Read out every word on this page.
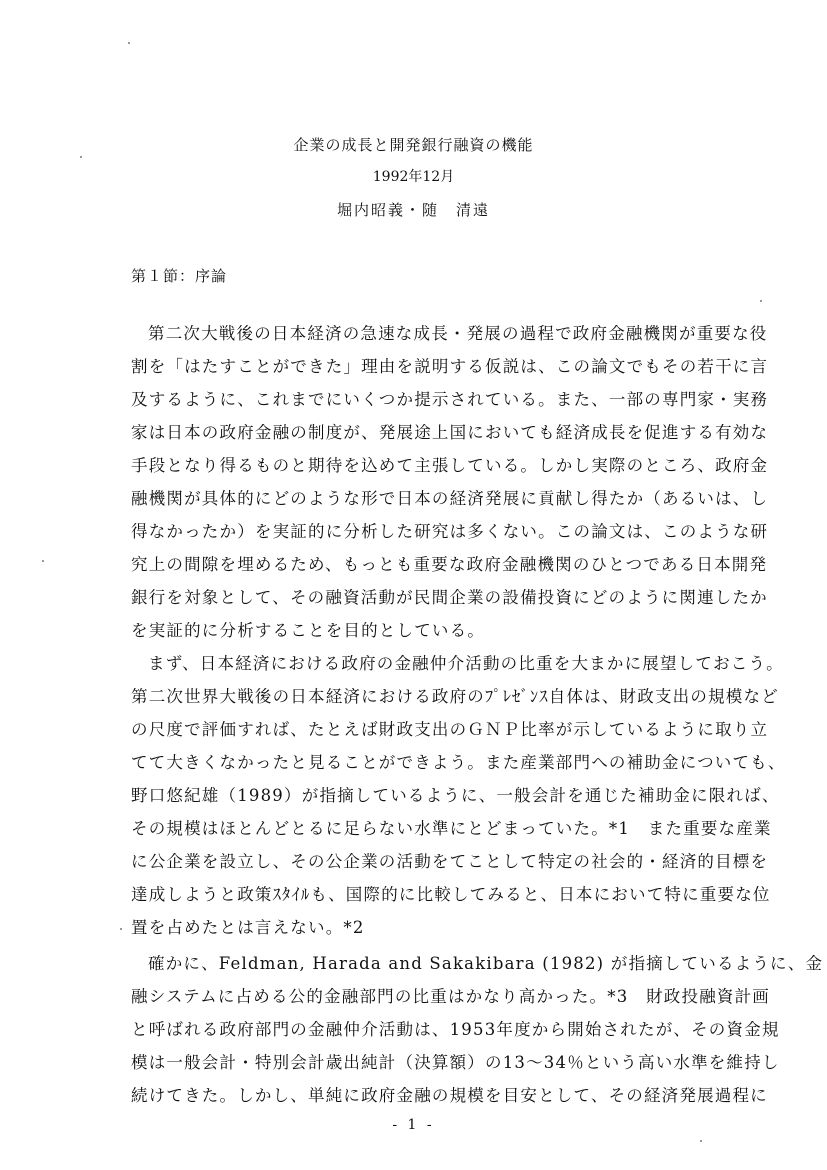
企業の成長と開発銀行融資の機能
1992年12月
堀内昭義・随　清遠
第１節：序論
第二次大戦後の日本経済の急速な成長・発展の過程で政府金融機関が重要な役
割を「はたすことができた」理由を説明する仮説は、この論文でもその若干に言
及するように、これまでにいくつか提示されている。また、一部の専門家・実務
家は日本の政府金融の制度が、発展途上国においても経済成長を促進する有効な
手段となり得るものと期待を込めて主張している。しかし実際のところ、政府金
融機関が具体的にどのような形で日本の経済発展に貢献し得たか（あるいは、し
得なかったか）を実証的に分析した研究は多くない。この論文は、このような研
究上の間隙を埋めるため、もっとも重要な政府金融機関のひとつである日本開発
銀行を対象として、その融資活動が民間企業の設備投資にどのように関連したか
を実証的に分析することを目的としている。
まず、日本経済における政府の金融仲介活動の比重を大まかに展望しておこう。
第二次世界大戦後の日本経済における政府のﾌﾟﾚｾﾞﾝｽ自体は、財政支出の規模など
の尺度で評価すれば、たとえば財政支出のＧＮＰ比率が示しているように取り立
てて大きくなかったと見ることができよう。また産業部門への補助金についても、
野口悠紀雄（1989）が指摘しているように、一般会計を通じた補助金に限れば、
その規模はほとんどとるに足らない水準にとどまっていた。*1　また重要な産業
に公企業を設立し、その公企業の活動をてことして特定の社会的・経済的目標を
達成しようと政策ｽﾀｲﾙも、国際的に比較してみると、日本において特に重要な位
置を占めたとは言えない。*2
確かに、Feldman, Harada and Sakakibara (1982) が指摘しているように、金
融システムに占める公的金融部門の比重はかなり高かった。*3　財政投融資計画
と呼ばれる政府部門の金融仲介活動は、1953年度から開始されたが、その資金規
模は一般会計・特別会計歳出純計（決算額）の13～34％という高い水準を維持し
続けてきた。しかし、単純に政府金融の規模を目安として、その経済発展過程に
- 1 -
